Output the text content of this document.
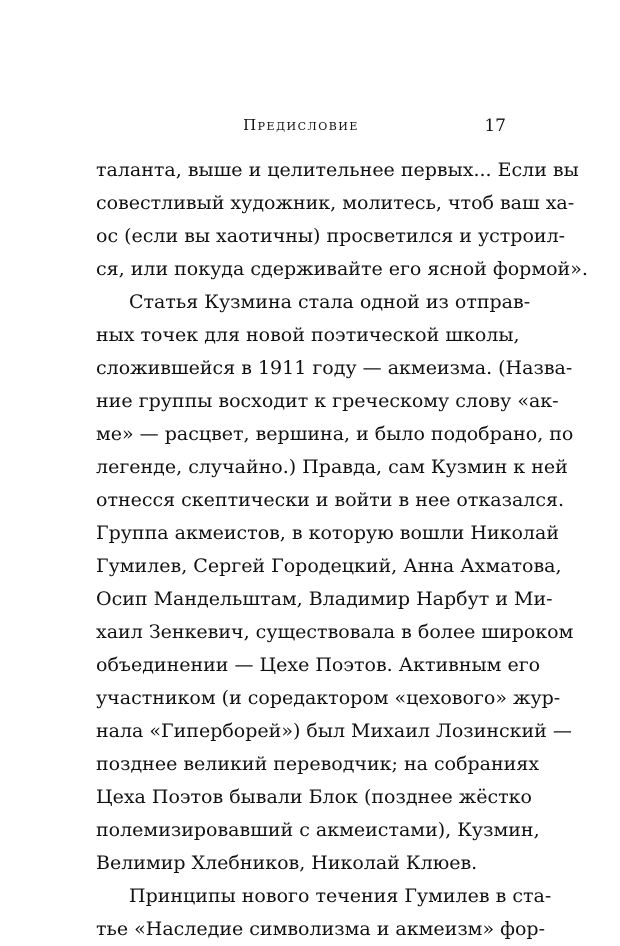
Предисловие	17
таланта, выше и целительнее первых... Если вы
совестливый художник, молитесь, чтоб ваш ха-
ос (если вы хаотичны) просветился и устроил-
ся, или покуда сдерживайте его ясной формой».
Статья Кузмина стала одной из отправ-
ных точек для новой поэтической школы,
сложившейся в 1911 году — акмеизма. (Назва-
ние группы восходит к греческому слову «ак-
ме» — расцвет, вершина, и было подобрано, по
легенде, случайно.) Правда, сам Кузмин к ней
отнесся скептически и войти в нее отказался.
Группа акмеистов, в которую вошли Николай
Гумилев, Сергей Городецкий, Анна Ахматова,
Осип Мандельштам, Владимир Нарбут и Ми-
хаил Зенкевич, существовала в более широком
объединении — Цехе Поэтов. Активным его
участником (и соредактором «цехового» жур-
нала «Гиперборей») был Михаил Лозинский —
позднее великий переводчик; на собраниях
Цеха Поэтов бывали Блок (позднее жёстко
полемизировавший с акмеистами), Кузмин,
Велимир Хлебников, Николай Клюев.
Принципы нового течения Гумилев в ста-
тье «Наследие символизма и акмеизм» фор-
